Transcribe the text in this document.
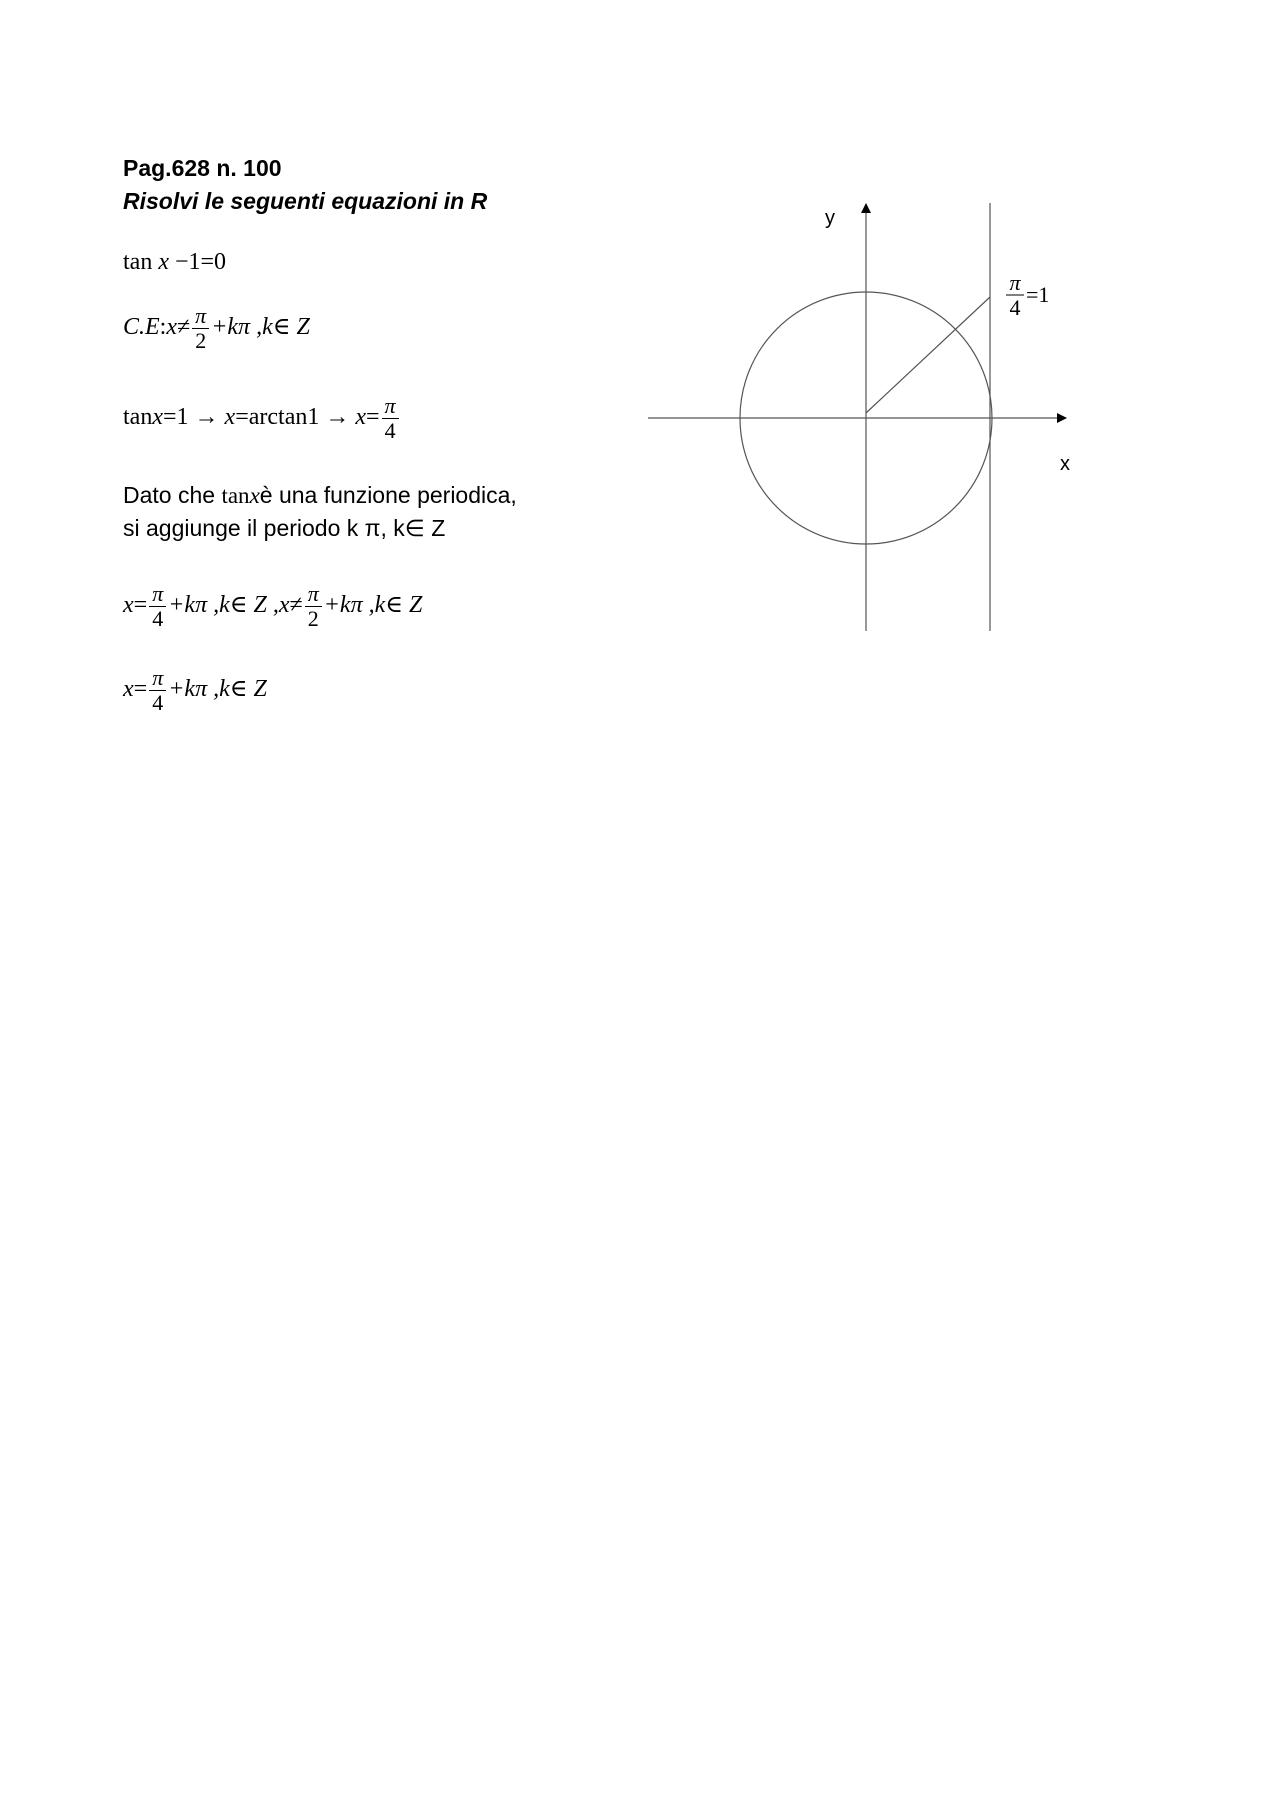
Pag.628 n. 100
Risolvi le seguenti equazioni in R
tan x −1=0
C.E:x≠ $\frac{\pi}{2} +k\pi$ ,k∈ Z
$\tan x=1 \to x=\arctan 1 \to x= \frac{\pi}{4}$
Dato che tanxè una funzione periodica,
si aggiunge il periodo k π, k∈ Z
$x= \frac{\pi}{4} +k\pi$ ,k∈ Z $,x\ne \frac{\pi}{2} +k\pi$ ,k∈ Z
$x= \frac{\pi}{4} +k\pi$ ,k∈ Z
y
x
π
4
=1
